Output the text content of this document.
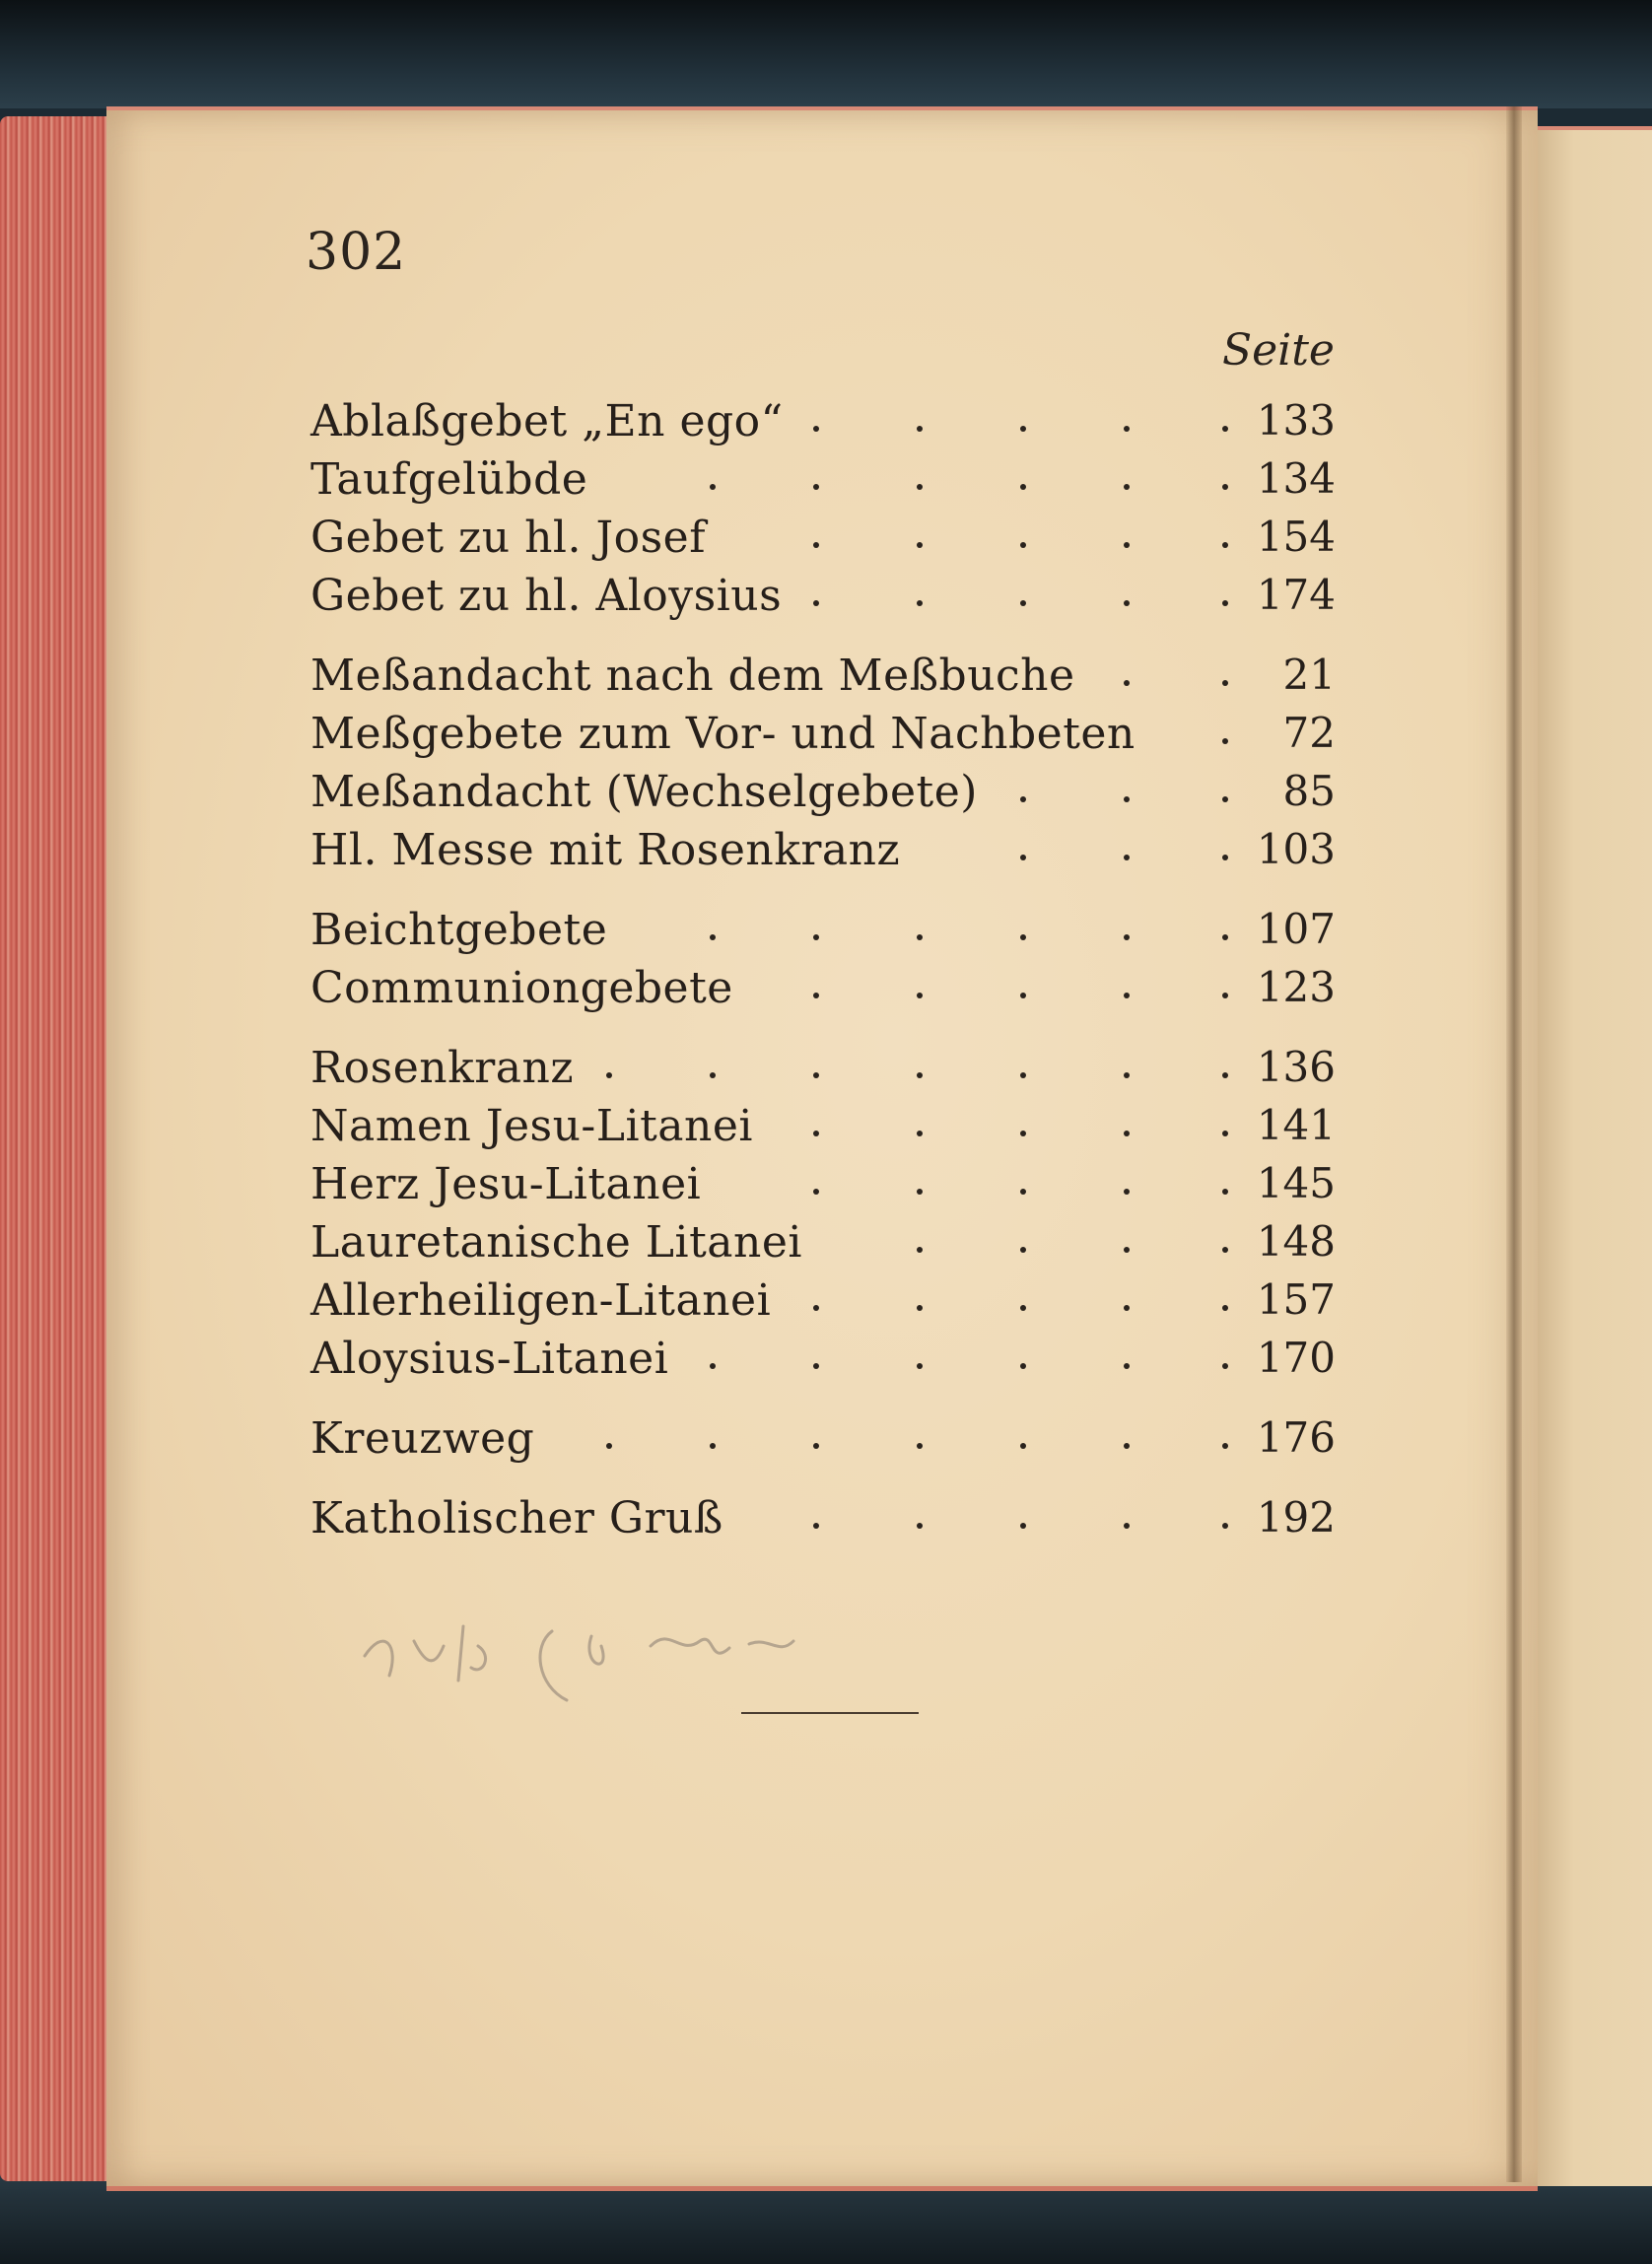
302
Seite
Ablaßgebet „En ego“	133
Taufgelübde	134
Gebet zu hl. Josef	154
Gebet zu hl. Aloysius	174
Meßandacht nach dem Meßbuche	21
Meßgebete zum Vor- und Nachbeten	72
Meßandacht (Wechselgebete)	85
Hl. Messe mit Rosenkranz	103
Beichtgebete	107
Communiongebete	123
Rosenkranz	136
Namen Jesu-Litanei	141
Herz Jesu-Litanei	145
Lauretanische Litanei	148
Allerheiligen-Litanei	157
Aloysius-Litanei	170
Kreuzweg	176
Katholischer Gruß	192
